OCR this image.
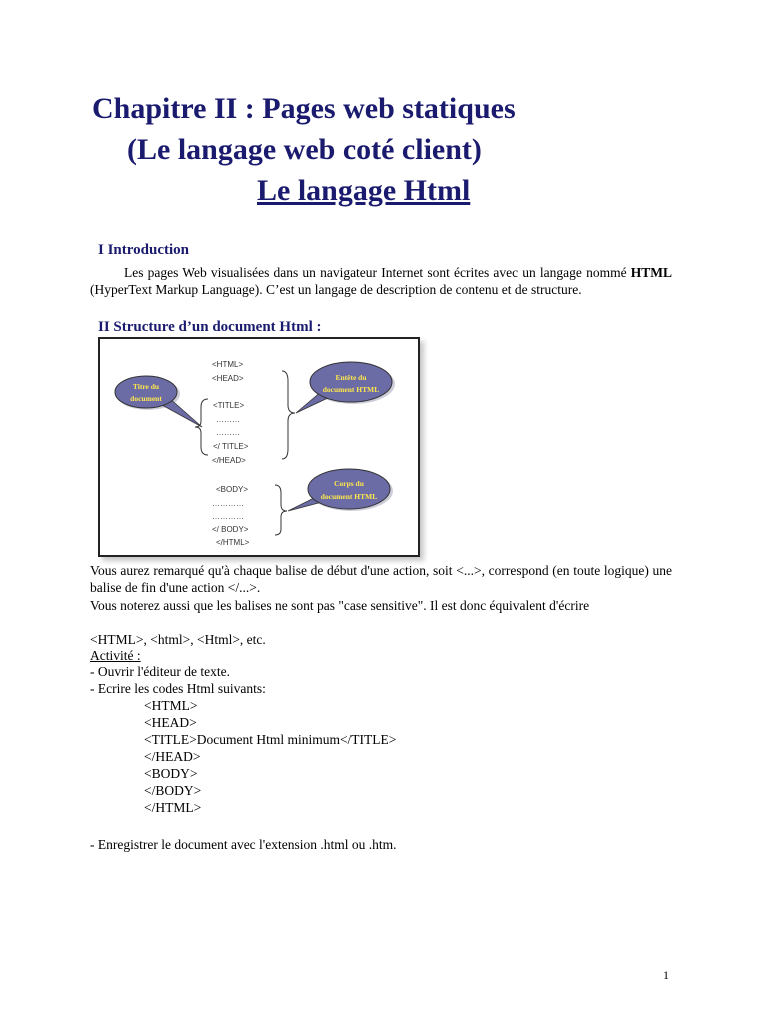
Chapitre II : Pages web statiques
(Le langage web coté client)
Le langage Html
I Introduction
Les pages Web visualisées dans un navigateur Internet sont écrites avec un langage nommé HTML (HyperText Markup Language). C’est un langage de description de contenu et de structure.
II Structure d’un document Html :
<HTML>
<HEAD>
<TITLE>
………
………
</ TITLE>
</HEAD>
<BODY>
…………
…………
</ BODY>
</HTML>
Titre du
document
Entête du
document HTML
Corps du
document HTML
Vous aurez remarqué qu'à chaque balise de début d'une action, soit <...>, correspond (en toute logique) une balise de fin d'une action </...>.
Vous noterez aussi que les balises ne sont pas "case sensitive". Il est donc équivalent d'écrire
<HTML>, <html>, <Html>, etc.
Activité :
- Ouvrir l'éditeur de texte.
- Ecrire les codes Html suivants:
<HTML>
<HEAD>
<TITLE>Document Html minimum</TITLE>
</HEAD>
<BODY>
</BODY>
</HTML>
- Enregistrer le document avec l'extension .html ou .htm.
1
